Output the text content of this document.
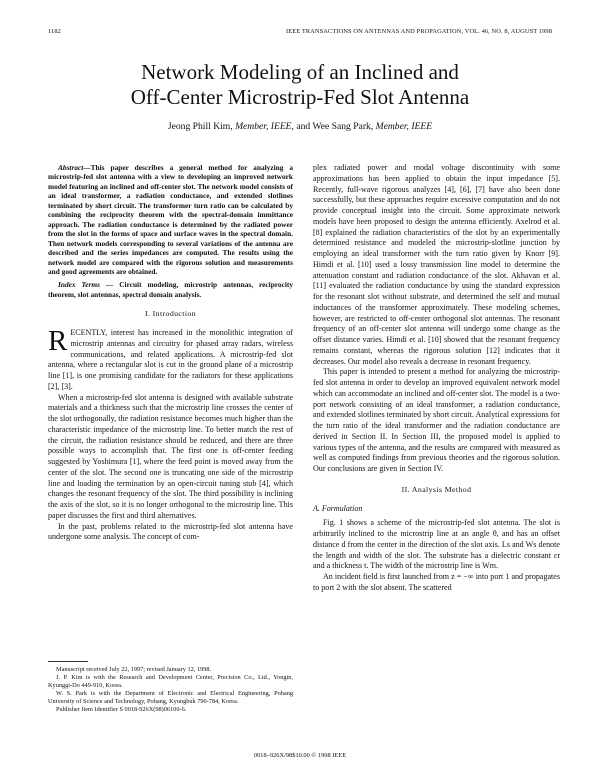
1182	IEEE TRANSACTIONS ON ANTENNAS AND PROPAGATION, VOL. 46, NO. 8, AUGUST 1998
Network Modeling of an Inclined and
Off-Center Microstrip-Fed Slot Antenna
Jeong Phill Kim, Member, IEEE, and Wee Sang Park, Member, IEEE

Abstract—This paper describes a general method for analyzing a microstrip-fed slot antenna with a view to developing an improved network model featuring an inclined and off-center slot. The network model consists of an ideal transformer, a radiation conductance, and extended slotlines terminated by short circuit. The transformer turn ratio can be calculated by combining the reciprocity theorem with the spectral-domain immittance approach. The radiation conductance is determined by the radiated power from the slot in the forms of space and surface waves in the spectral domain. Then network models corresponding to several variations of the antenna are described and the series impedances are computed. The results using the network model are compared with the rigorous solution and measurements and good agreements are obtained.

Index Terms — Circuit modeling, microstrip antennas, reciprocity theorem, slot antennas, spectral domain analysis.

I. Introduction

RECENTLY, interest has increased in the monolithic integration of microstrip antennas and circuitry for phased array radars, wireless communications, and related applications. A microstrip-fed slot antenna, where a rectangular slot is cut in the ground plane of a microstrip line [1], is one promising candidate for the radiators for these applications [2], [3].

When a microstrip-fed slot antenna is designed with available substrate materials and a thickness such that the microstrip line crosses the center of the slot orthogonally, the radiation resistance becomes much higher than the characteristic impedance of the microstrip line. To better match the rest of the circuit, the radiation resistance should be reduced, and there are three possible ways to accomplish that. The first one is off-center feeding suggested by Yoshimura [1], where the feed point is moved away from the center of the slot. The second one is truncating one side of the microstrip line and loading the termination by an open-circuit tuning stub [4], which changes the resonant frequency of the slot. The third possibility is inclining the axis of the slot, so it is no longer orthogonal to the microstrip line. This paper discusses the first and third alternatives.

In the past, problems related to the microstrip-fed slot antenna have undergone some analysis. The concept of com-

Manuscript received July 22, 1997; revised January 12, 1998.

J. P. Kim is with the Research and Development Center, Precision Co., Ltd., Yongin, Kyunggi-Do 449-910, Korea.

W. S. Park is with the Department of Electronic and Electrical Engineering, Pohang University of Science and Technology, Pohang, Kyungbuk 790-784, Korea.

Publisher Item Identifier S 0018-926X(98)06100-6.

plex radiated power and modal voltage discontinuity with some approximations has been applied to obtain the input impedance [5]. Recently, full-wave rigorous analyzes [4], [6], [7] have also been done successfully, but these approaches require excessive computation and do not provide conceptual insight into the circuit. Some approximate network models have been proposed to design the antenna efficiently. Axelrod et al. [8] explained the radiation characteristics of the slot by an experimentally determined resistance and modeled the microstrip-slotline junction by employing an ideal transformer with the turn ratio given by Knorr [9]. Himdi et al. [10] used a lossy transmission line model to determine the attenuation constant and radiation conductance of the slot. Akhavan et al. [11] evaluated the radiation conductance by using the standard expression for the resonant slot without substrate, and determined the self and mutual inductances of the transformer approximately. These modeling schemes, however, are restricted to off-center orthogonal slot antennas. The resonant frequency of an off-center slot antenna will undergo some change as the offset distance varies. Himdi et al. [10] showed that the resonant frequency remains constant, whereas the rigorous solution [12] indicates that it decreases. Our model also reveals a decrease in resonant frequency.

This paper is intended to present a method for analyzing the microstrip-fed slot antenna in order to develop an improved equivalent network model which can accommodate an inclined and off-center slot. The model is a two-port network consisting of an ideal transformer, a radiation conductance, and extended slotlines terminated by short circuit. Analytical expressions for the turn ratio of the ideal transformer and the radiation conductance are derived in Section II. In Section III, the proposed model is applied to various types of the antenna, and the results are compared with measured as well as computed findings from previous theories and the rigorous solution. Our conclusions are given in Section IV.

II. Analysis Method

A. Formulation

Fig. 1 shows a scheme of the microstrip-fed slot antenna. The slot is arbitrarily inclined to the microstrip line at an angle θ, and has an offset distance d from the center in the direction of the slot axis. Ls and Ws denote the length and width of the slot. The substrate has a dielectric constant εr and a thickness t. The width of the microstrip line is Wm.

An incident field is first launched from z = −∞ into port 1 and propagates to port 2 with the slot absent. The scattered

0018–926X/98$10.00 © 1998 IEEE
